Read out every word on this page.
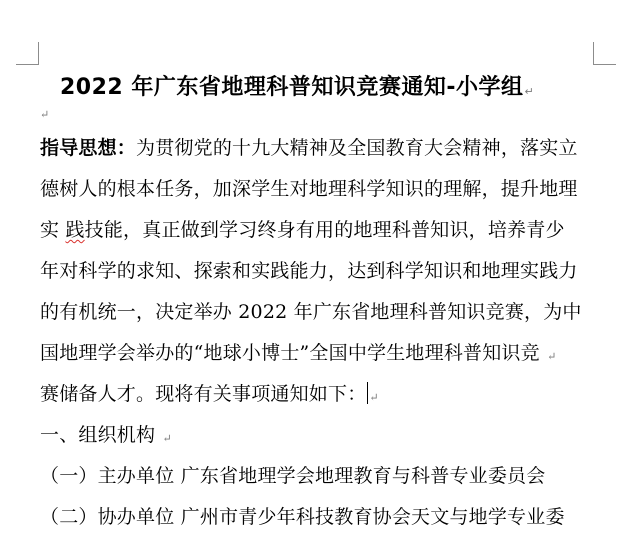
2022 年广东省地理科普知识竞赛通知-小学组↵
↵
指导思想：为贯彻党的十九大精神及全国教育大会精神，落实立
德树人的根本任务，加深学生对地理科学知识的理解，提升地理
实 践技能，真正做到学习终身有用的地理科普知识，培养青少
年对科学的求知、探索和实践能力，达到科学知识和地理实践力
的有机统一，决定举办 2022 年广东省地理科普知识竞赛，为中
国地理学会举办的“地球小博士”全国中学生地理科普知识竞 ↵
赛储备人才。现将有关事项通知如下： ↵
一、组织机构 ↵
（一）主办单位 广东省地理学会地理教育与科普专业委员会
（二）协办单位 广州市青少年科技教育协会天文与地学专业委
